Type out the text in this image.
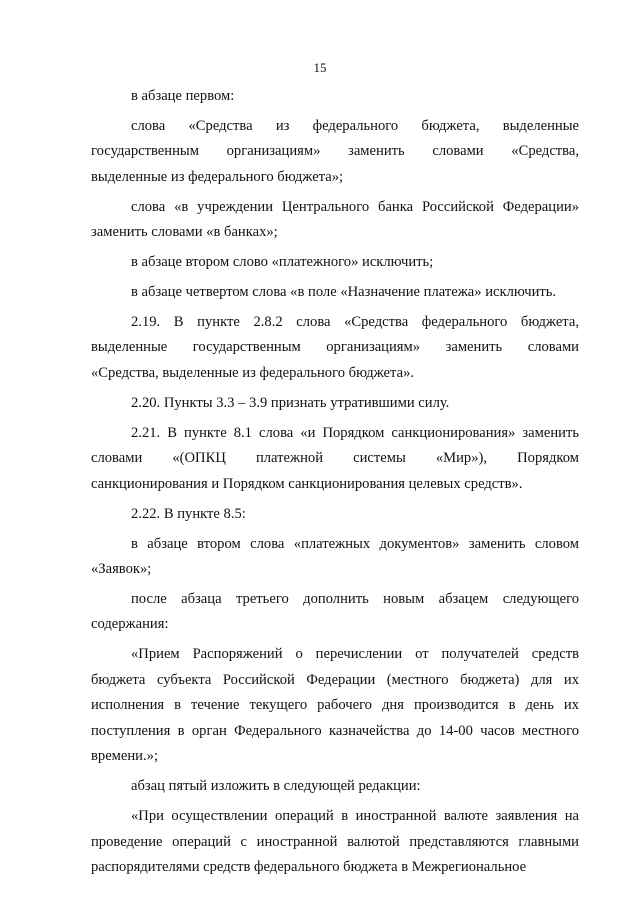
15
в абзаце первом:
слова «Средства из федерального бюджета, выделенные
государственным организациям» заменить словами «Средства,
выделенные из федерального бюджета»;
слова «в учреждении Центрального банка Российской Федерации»
заменить словами «в банках»;
в абзаце втором слово «платежного» исключить;
в абзаце четвертом слова «в поле «Назначение платежа» исключить.
2.19. В пункте 2.8.2 слова «Средства федерального бюджета,
выделенные государственным организациям» заменить словами
«Средства, выделенные из федерального бюджета».
2.20. Пункты 3.3 – 3.9 признать утратившими силу.
2.21. В пункте 8.1 слова «и Порядком санкционирования» заменить
словами «(ОПКЦ платежной системы «Мир»), Порядком
санкционирования и Порядком санкционирования целевых средств».
2.22. В пункте 8.5:
в абзаце втором слова «платежных документов» заменить словом
«Заявок»;
после абзаца третьего дополнить новым абзацем следующего
содержания:
«Прием Распоряжений о перечислении от получателей средств
бюджета субъекта Российской Федерации (местного бюджета) для их
исполнения в течение текущего рабочего дня производится в день их
поступления в орган Федерального казначейства до 14-00 часов местного
времени.»;
абзац пятый изложить в следующей редакции:
«При осуществлении операций в иностранной валюте заявления на
проведение операций с иностранной валютой представляются главными
распорядителями средств федерального бюджета в Межрегиональное
